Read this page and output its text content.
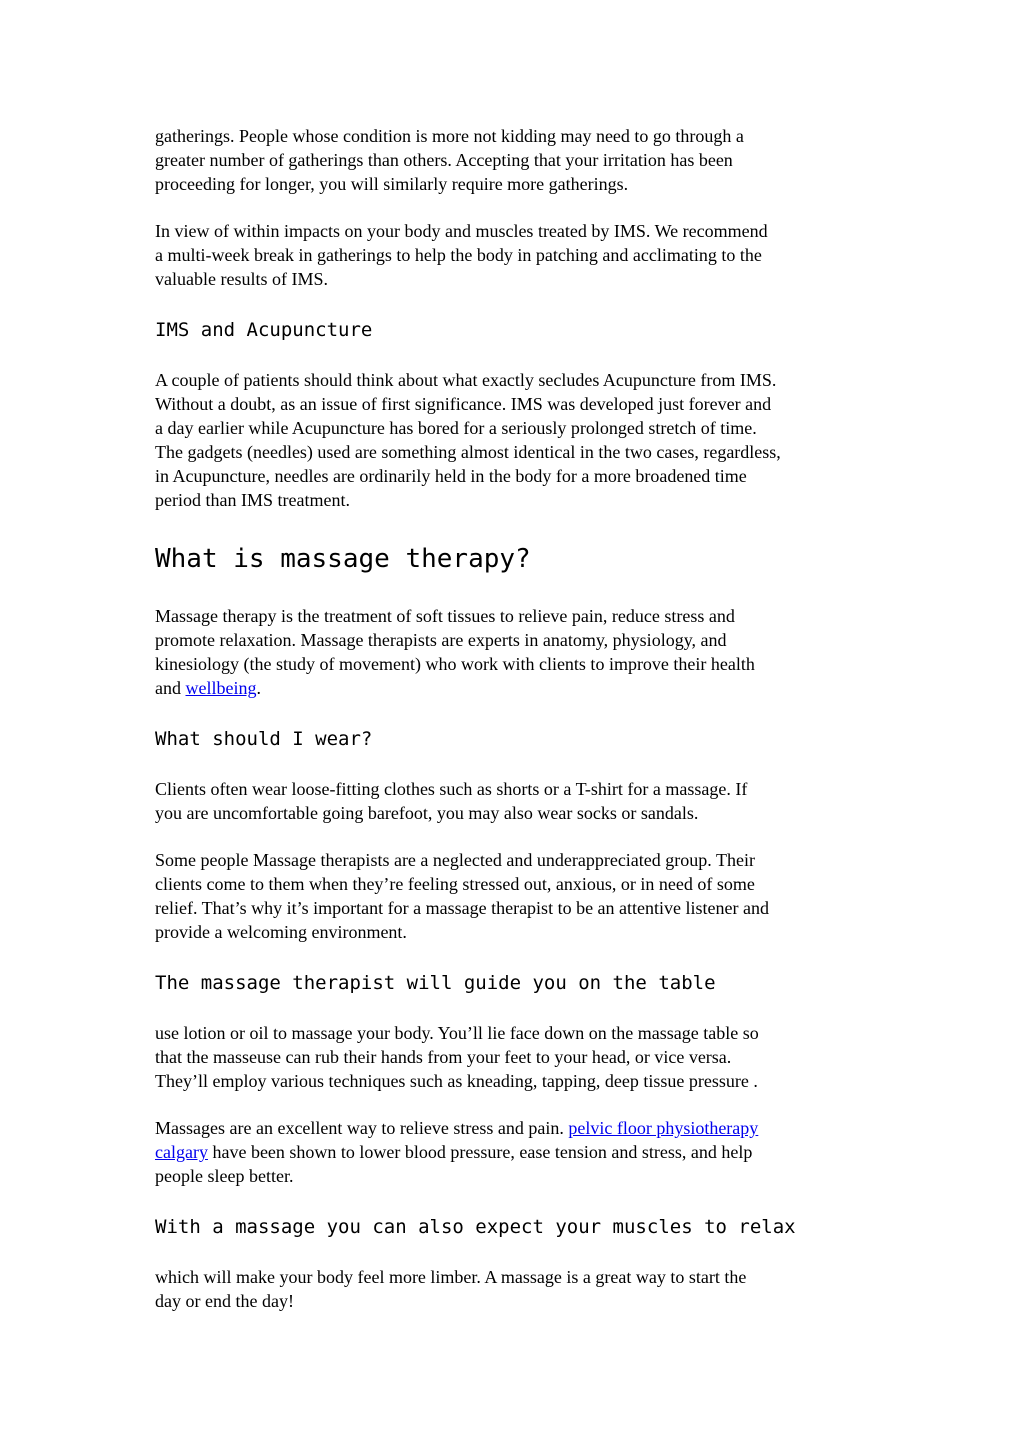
gatherings. People whose condition is more not kidding may need to go through a
greater number of gatherings than others. Accepting that your irritation has been
proceeding for longer, you will similarly require more gatherings.

In view of within impacts on your body and muscles treated by IMS. We recommend
a multi-week break in gatherings to help the body in patching and acclimating to the
valuable results of IMS.

IMS and Acupuncture

A couple of patients should think about what exactly secludes Acupuncture from IMS.
Without a doubt, as an issue of first significance. IMS was developed just forever and
a day earlier while Acupuncture has bored for a seriously prolonged stretch of time.
The gadgets (needles) used are something almost identical in the two cases, regardless,
in Acupuncture, needles are ordinarily held in the body for a more broadened time
period than IMS treatment.

What is massage therapy?

Massage therapy is the treatment of soft tissues to relieve pain, reduce stress and
promote relaxation. Massage therapists are experts in anatomy, physiology, and
kinesiology (the study of movement) who work with clients to improve their health
and wellbeing.

What should I wear?

Clients often wear loose-fitting clothes such as shorts or a T-shirt for a massage. If
you are uncomfortable going barefoot, you may also wear socks or sandals.

Some people Massage therapists are a neglected and underappreciated group. Their
clients come to them when they’re feeling stressed out, anxious, or in need of some
relief. That’s why it’s important for a massage therapist to be an attentive listener and
provide a welcoming environment.

The massage therapist will guide you on the table

use lotion or oil to massage your body. You’ll lie face down on the massage table so
that the masseuse can rub their hands from your feet to your head, or vice versa.
They’ll employ various techniques such as kneading, tapping, deep tissue pressure .

Massages are an excellent way to relieve stress and pain. pelvic floor physiotherapy
calgary have been shown to lower blood pressure, ease tension and stress, and help
people sleep better.

With a massage you can also expect your muscles to relax

which will make your body feel more limber. A massage is a great way to start the
day or end the day!
